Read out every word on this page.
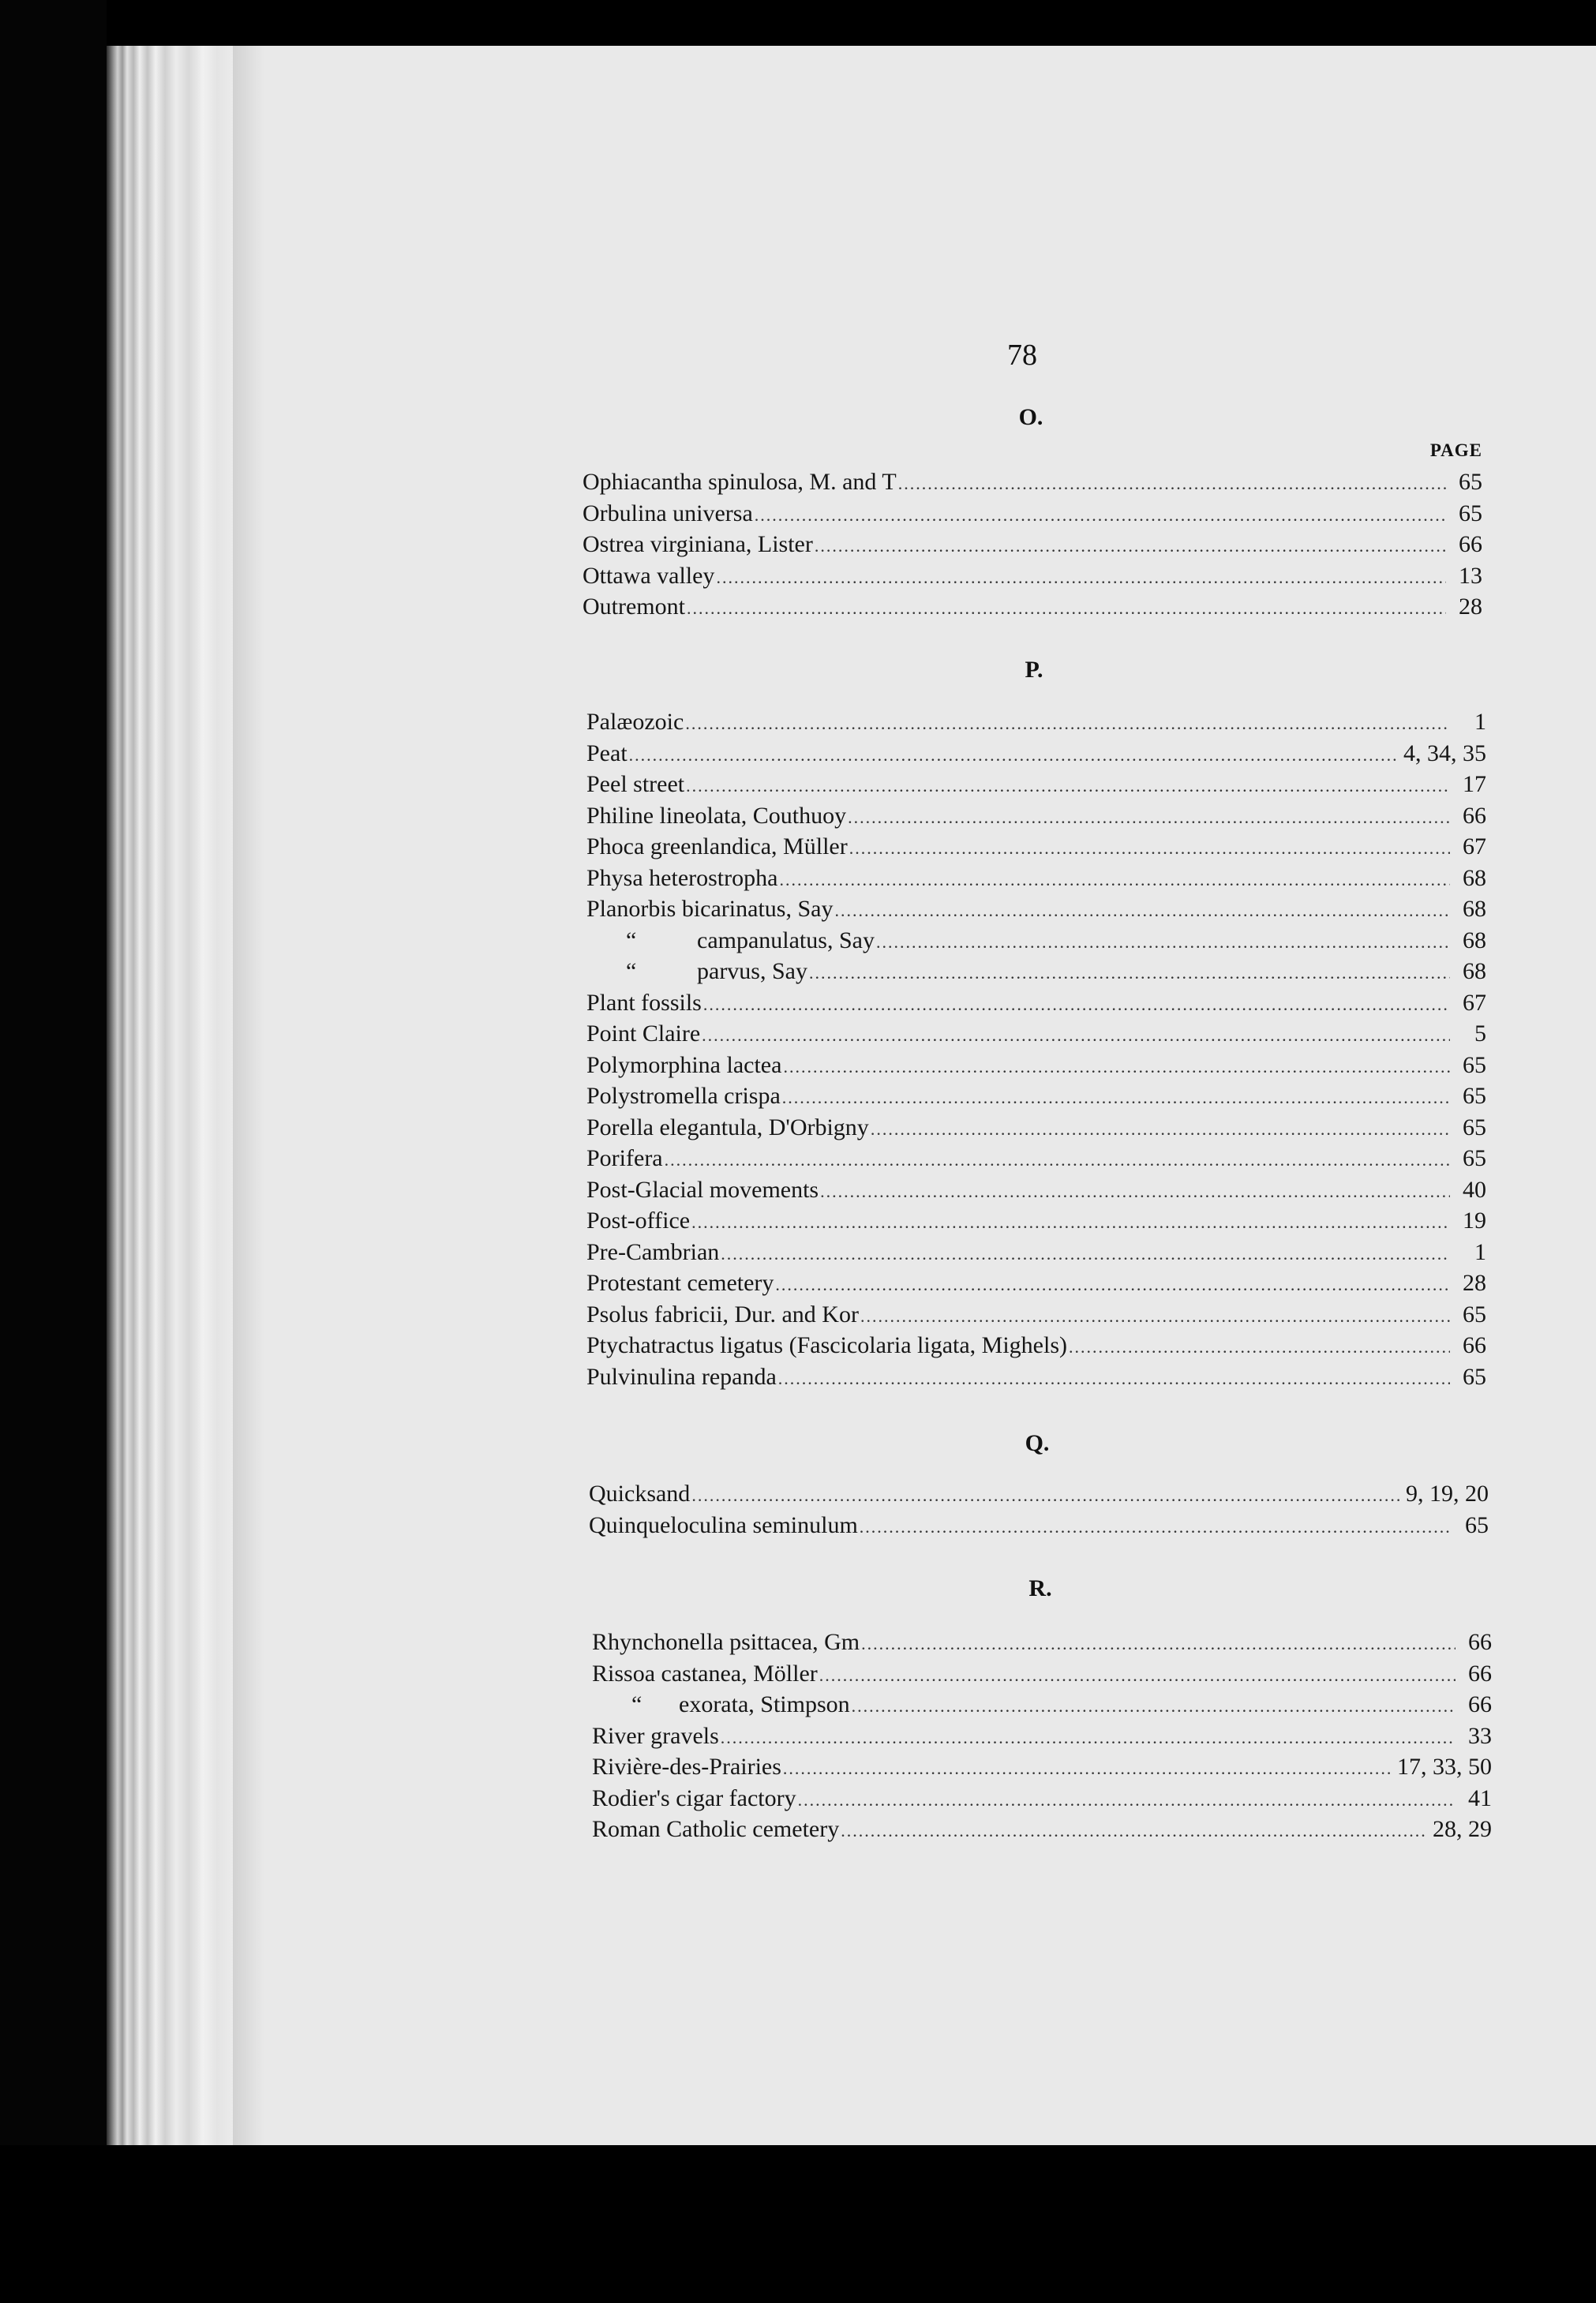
78
O.
PAGE
Ophiacantha spinulosa, M. and T .....	65
Orbulina universa .....	65
Ostrea virginiana, Lister .....	66
Ottawa valley .....	13
Outremont .....	28
P.
Palæozoic .....	1
Peat .....	4, 34, 35
Peel street .....	17
Philine lineolata, Couthuoy .....	66
Phoca greenlandica, Müller .....	67
Physa heterostropha .....	68
Planorbis bicarinatus, Say .....	68
“	campanulatus, Say .....	68
“	parvus, Say .....	68
Plant fossils .....	67
Point Claire .....	5
Polymorphina lactea .....	65
Polystromella crispa .....	65
Porella elegantula, D'Orbigny .....	65
Porifera .....	65
Post-Glacial movements .....	40
Post-office .....	19
Pre-Cambrian .....	1
Protestant cemetery .....	28
Psolus fabricii, Dur. and Kor .....	65
Ptychatractus ligatus (Fascicolaria ligata, Mighels) .....	66
Pulvinulina repanda .....	65
Q.
Quicksand .....	9, 19, 20
Quinqueloculina seminulum .....	65
R.
Rhynchonella psittacea, Gm .....	66
Rissoa castanea, Möller .....	66
“ exorata, Stimpson .....	66
River gravels .....	33
Rivière-des-Prairies .....	17, 33, 50
Rodier's cigar factory .....	41
Roman Catholic cemetery .....	28, 29
